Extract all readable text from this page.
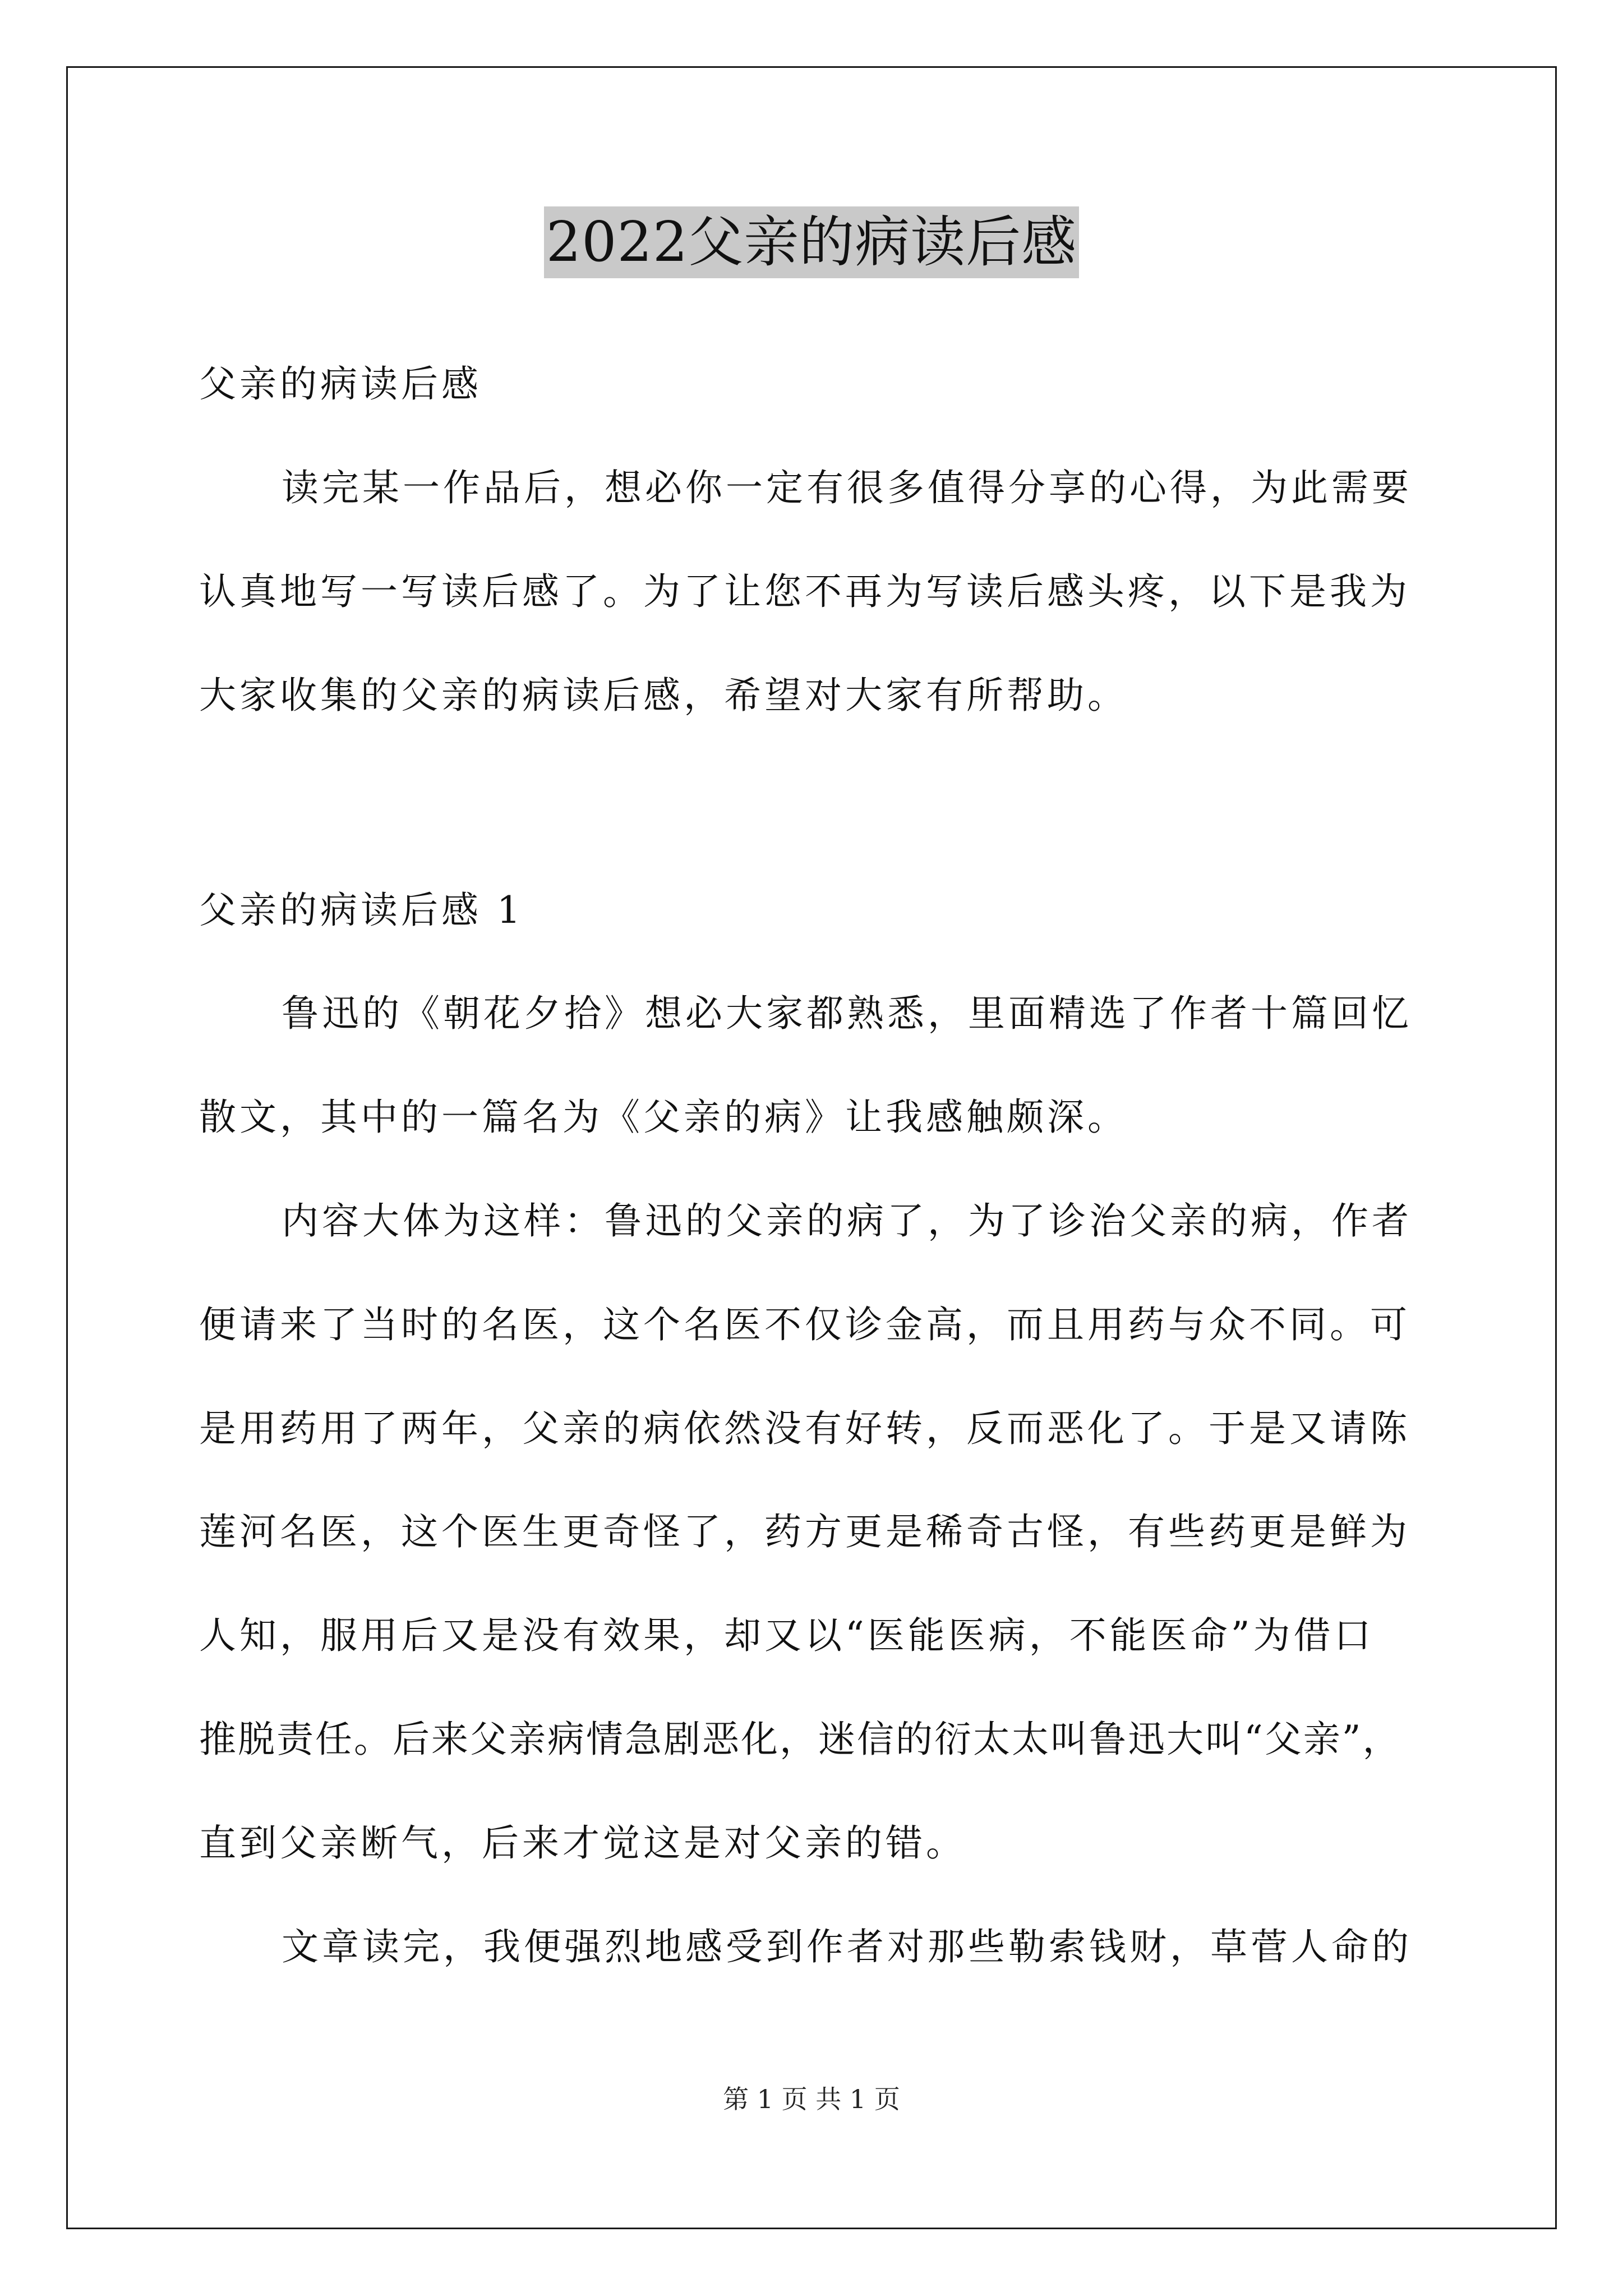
2022父亲的病读后感
父亲的病读后感
读完某一作品后，想必你一定有很多值得分享的心得，为此需要
认真地写一写读后感了。为了让您不再为写读后感头疼，以下是我为
大家收集的父亲的病读后感，希望对大家有所帮助。
父亲的病读后感 1
鲁迅的《朝花夕拾》想必大家都熟悉，里面精选了作者十篇回忆
散文，其中的一篇名为《父亲的病》让我感触颇深。
内容大体为这样：鲁迅的父亲的病了，为了诊治父亲的病，作者
便请来了当时的名医，这个名医不仅诊金高，而且用药与众不同。可
是用药用了两年，父亲的病依然没有好转，反而恶化了。于是又请陈
莲河名医，这个医生更奇怪了，药方更是稀奇古怪，有些药更是鲜为
人知，服用后又是没有效果，却又以“医能医病，不能医命”为借口
推脱责任。后来父亲病情急剧恶化，迷信的衍太太叫鲁迅大叫“父亲”，
直到父亲断气，后来才觉这是对父亲的错。
文章读完，我便强烈地感受到作者对那些勒索钱财，草菅人命的
第 1 页 共 1 页
